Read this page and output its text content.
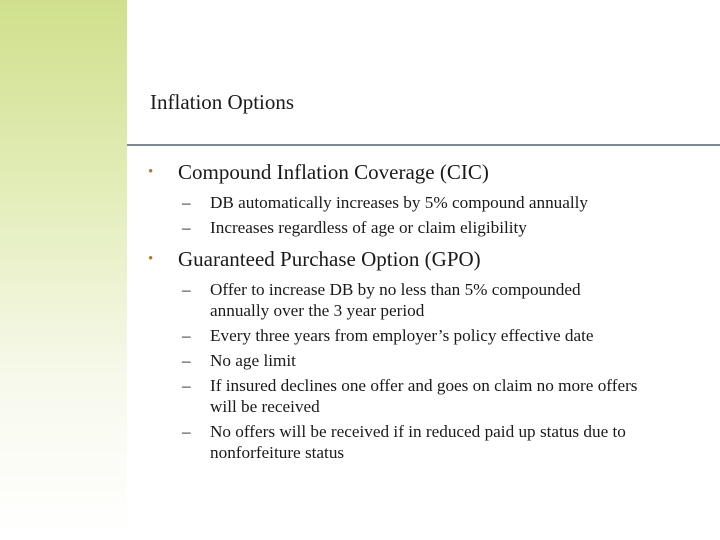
Inflation Options
• Compound Inflation Coverage (CIC)
– DB automatically increases by 5% compound annually
– Increases regardless of age or claim eligibility
• Guaranteed Purchase Option (GPO)
– Offer to increase DB by no less than 5% compounded annually over the 3 year period
– Every three years from employer’s policy effective date
– No age limit
– If insured declines one offer and goes on claim no more offers will be received
– No offers will be received if in reduced paid up status due to nonforfeiture status
